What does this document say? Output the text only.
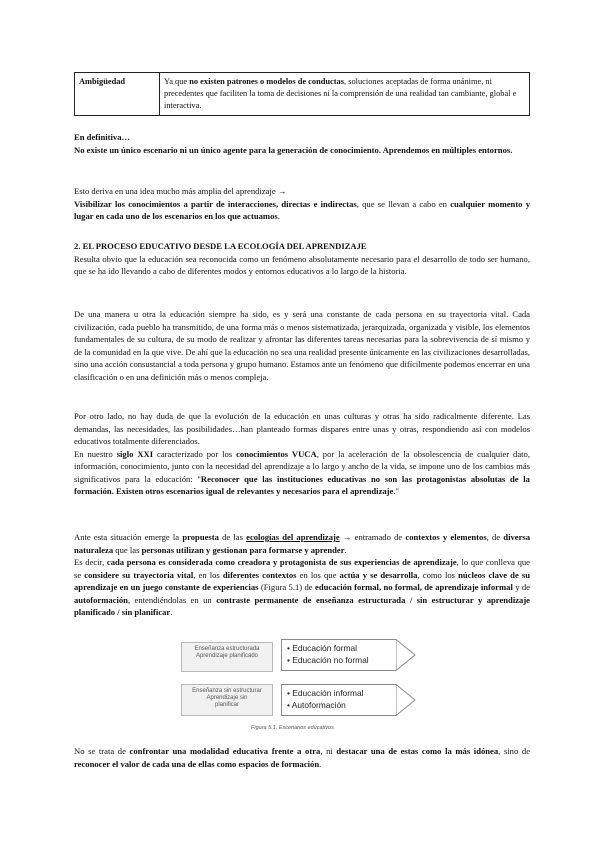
Ambigüedad	Ya que no existen patrones o modelos de conductas, soluciones aceptadas de forma unánime, ni precedentes que faciliten la toma de decisiones ni la comprensión de una realidad tan cambiante, global e interactiva.

En definitiva…

No existe un único escenario ni un único agente para la generación de conocimiento. Aprendemos en múltiples entornos.

Esto deriva en una idea mucho más amplia del aprendizaje →

Visibilizar los conocimientos a partir de interacciones, directas e indirectas, que se llevan a cabo en cualquier momento y lugar en cada uno de los escenarios en los que actuamos.

2. EL PROCESO EDUCATIVO DESDE LA ECOLOGÍA DEL APRENDIZAJE

Resulta obvio que la educación sea reconocida como un fenómeno absolutamente necesario para el desarrollo de todo ser humano, que se ha ido llevando a cabo de diferentes modos y entornos educativos a lo largo de la historia.

De una manera u otra la educación siempre ha sido, es y será una constante de cada persona en su trayectoria vital. Cada civilización, cada pueblo ha transmitido, de una forma más o menos sistematizada, jerarquizada, organizada y visible, los elementos fundamentales de su cultura, de su modo de realizar y afrontar las diferentes tareas necesarias para la sobrevivencia de sí mismo y de la comunidad en la que vive. De ahí que la educación no sea una realidad presente únicamente en las civilizaciones desarrolladas, sino una acción consustancial a toda persona y grupo humano. Estamos ante un fenómeno que difícilmente podemos encerrar en una clasificación o en una definición más o menos compleja.

Por otro lado, no hay duda de que la evolución de la educación en unas culturas y otras ha sido radicalmente diferente. Las demandas, las necesidades, las posibilidades…han planteado formas dispares entre unas y otras, respondiendo así con modelos educativos totalmente diferenciados.

En nuestro siglo XXI caracterizado por los conocimientos VUCA, por la aceleración de la obsolescencia de cualquier dato, información, conocimiento, junto con la necesidad del aprendizaje a lo largo y ancho de la vida, se impone uno de los cambios más significativos para la educación: "Reconocer que las instituciones educativas no son las protagonistas absolutas de la formación. Existen otros escenarios igual de relevantes y necesarios para el aprendizaje."

Ante esta situación emerge la propuesta de las ecologías del aprendizaje → entramado de contextos y elementos, de diversa naturaleza que las personas utilizan y gestionan para formarse y aprender.

Es decir, cada persona es considerada como creadora y protagonista de sus experiencias de aprendizaje, lo que conlleva que se considere su trayectoria vital, en los diferentes contextos en los que actúa y se desarrolla, como los núcleos clave de su aprendizaje en un juego constante de experiencias (Figura 5.1) de educación formal, no formal, de aprendizaje informal y de autoformación, entendiéndolas en un contraste permanente de enseñanza estructurada / sin estructurar y aprendizaje planificado / sin planificar.

Enseñanza estructurada
Aprendizaje planificado
• Educación formal
• Educación no formal
Enseñanza sin estructurar
Aprendizaje sin
planificar
• Educación informal
• Autoformación
Figura 5.1. Escenarios educativos

No se trata de confrontar una modalidad educativa frente a otra, ni destacar una de estas como la más idónea, sino de reconocer el valor de cada una de ellas como espacios de formación.
